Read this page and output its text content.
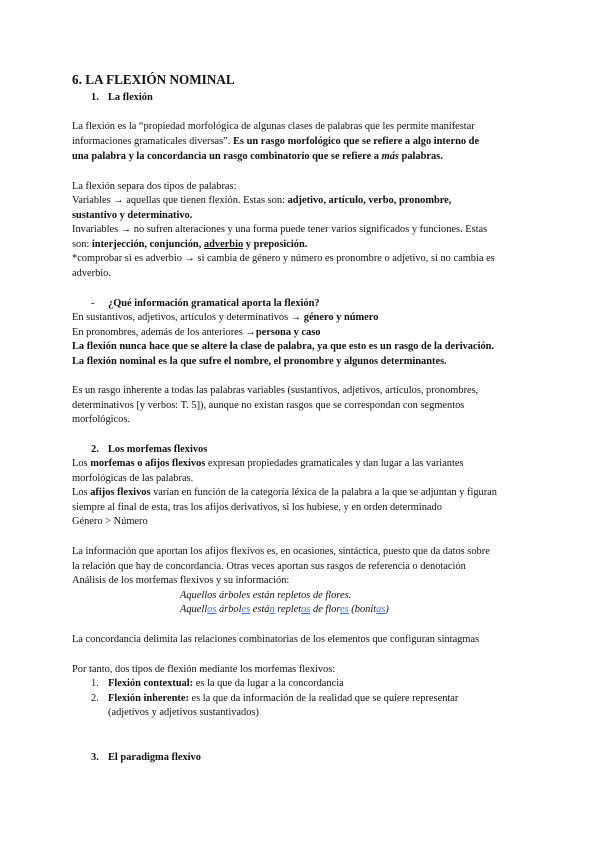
6. LA FLEXIÓN NOMINAL
1. La flexión
La flexión es la “propiedad morfológica de algunas clases de palabras que les permite manifestar
informaciones gramaticales diversas”. Es un rasgo morfológico que se refiere a algo interno de
una palabra y la concordancia un rasgo combinatorio que se refiere a más palabras.
La flexión separa dos tipos de palabras:
Variables → aquellas que tienen flexión. Estas son: adjetivo, artículo, verbo, pronombre,
sustantivo y determinativo.
Invariables → no sufren alteraciones y una forma puede tener varios significados y funciones. Estas
son: interjección, conjunción, adverbio y preposición.
*comprobar si es adverbio → si cambia de género y número es pronombre o adjetivo, si no cambia es
adverbio.
- ¿Qué información gramatical aporta la flexión?
En sustantivos, adjetivos, artículos y determinativos → género y número
En pronombres, además de los anteriores →persona y caso
La flexión nunca hace que se altere la clase de palabra, ya que esto es un rasgo de la derivación.
La flexión nominal es la que sufre el nombre, el pronombre y algunos determinantes.
Es un rasgo inherente a todas las palabras variables (sustantivos, adjetivos, artículos, pronombres,
determinativos [y verbos: T. 5]), aunque no existan rasgos que se correspondan con segmentos
morfológicos.
2. Los morfemas flexivos
Los morfemas o afijos flexivos expresan propiedades gramaticales y dan lugar a las variantes
morfológicas de las palabras.
Los afijos flexivos varían en función de la categoría léxica de la palabra a la que se adjuntan y figuran
siempre al final de esta, tras los afijos derivativos, si los hubiese, y en orden determinado
Género > Número
La información que aportan los afijos flexivos es, en ocasiones, sintáctica, puesto que da datos sobre
la relación que hay de concordancia. Otras veces aportan sus rasgos de referencia o denotación
Análisis de los morfemas flexivos y su información:
Aquellos árboles están repletos de flores.
Aquellos árboles están repletos de flores (bonitas)
La concordancia delimita las relaciones combinatorias de los elementos que configuran sintagmas
Por tanto, dos tipos de flexión mediante los morfemas flexivos:
1. Flexión contextual: es la que da lugar a la concordancia
2. Flexión inherente: es la que da información de la realidad que se quiere representar
(adjetivos y adjetivos sustantivados)
3. El paradigma flexivo
